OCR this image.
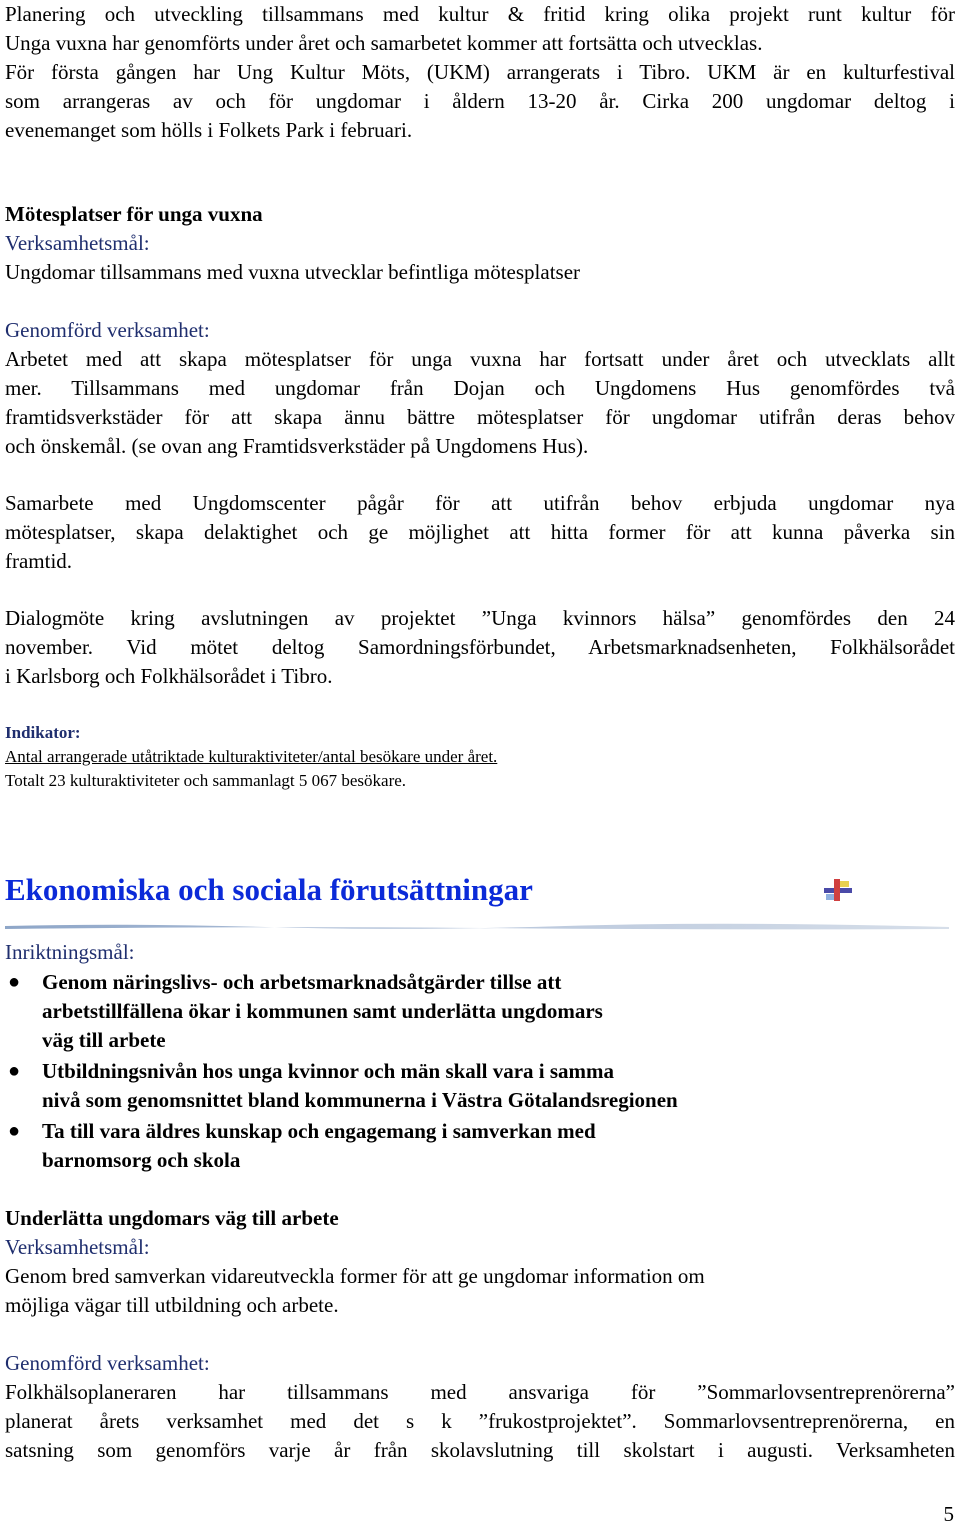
Planering och utveckling tillsammans med kultur & fritid kring olika projekt runt kultur för
Unga vuxna har genomförts under året och samarbetet kommer att fortsätta och utvecklas.
För första gången har Ung Kultur Möts, (UKM) arrangerats i Tibro. UKM är en kulturfestival
som arrangeras av och för ungdomar i åldern 13-20 år. Cirka 200 ungdomar deltog i
evenemanget som hölls i Folkets Park i februari.

Mötesplatser för unga vuxna
Verksamhetsmål:
Ungdomar tillsammans med vuxna utvecklar befintliga mötesplatser
Genomförd verksamhet:

Arbetet med att skapa mötesplatser för unga vuxna har fortsatt under året och utvecklats allt
mer. Tillsammans med ungdomar från Dojan och Ungdomens Hus genomfördes två
framtidsverkstäder för att skapa ännu bättre mötesplatser för ungdomar utifrån deras behov
och önskemål. (se ovan ang Framtidsverkstäder på Ungdomens Hus).

Samarbete med Ungdomscenter pågår för att utifrån behov erbjuda ungdomar nya
mötesplatser, skapa delaktighet och ge möjlighet att hitta former för att kunna påverka sin
framtid.

Dialogmöte kring avslutningen av projektet ”Unga kvinnors hälsa” genomfördes den 24
november. Vid mötet deltog Samordningsförbundet, Arbetsmarknadsenheten, Folkhälsorådet
i Karlsborg och Folkhälsorådet i Tibro.

Indikator:
Antal arrangerade utåtriktade kulturaktiviteter/antal besökare under året.
Totalt 23 kulturaktiviteter och sammanlagt 5 067 besökare.
Ekonomiska och sociala förutsättningar
Inriktningsmål:
● Genom näringslivs- och arbetsmarknadsåtgärder tillse att
arbetstillfällena ökar i kommunen samt underlätta ungdomars
väg till arbete
● Utbildningsnivån hos unga kvinnor och män skall vara i samma
nivå som genomsnittet bland kommunerna i Västra Götalandsregionen
● Ta till vara äldres kunskap och engagemang i samverkan med
barnomsorg och skola
Underlätta ungdomars väg till arbete
Verksamhetsmål:
Genom bred samverkan vidareutveckla former för att ge ungdomar information om
möjliga vägar till utbildning och arbete.
Genomförd verksamhet:

Folkhälsoplaneraren har tillsammans med ansvariga för ”Sommarlovsentreprenörerna”
planerat årets verksamhet med det s k ”frukostprojektet”. Sommarlovsentreprenörerna, en
satsning som genomförs varje år från skolavslutning till skolstart i augusti. Verksamheten

5
